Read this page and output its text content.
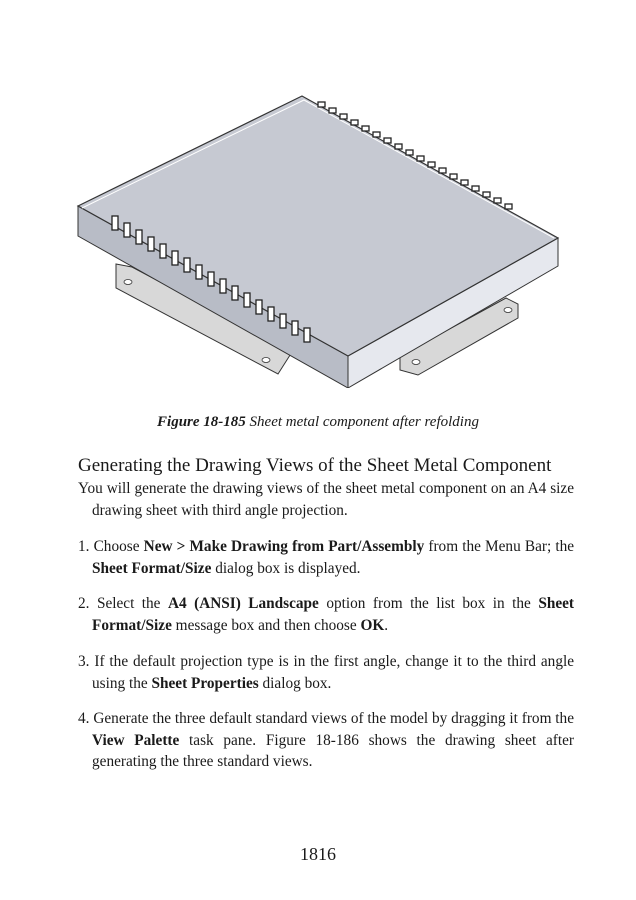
Figure 18-185 Sheet metal component after refolding
Generating the Drawing Views of the Sheet Metal Component

You will generate the drawing views of the sheet metal component on an A4 size drawing sheet with third angle projection.

1. Choose New > Make Drawing from Part/Assembly from the Menu Bar; the Sheet Format/Size dialog box is displayed.

2. Select the A4 (ANSI) Landscape option from the list box in the Sheet Format/Size message box and then choose OK.

3. If the default projection type is in the first angle, change it to the third angle using the Sheet Properties dialog box.

4. Generate the three default standard views of the model by dragging it from the View Palette task pane. Figure 18-186 shows the drawing sheet after generating the three standard views.

1816
